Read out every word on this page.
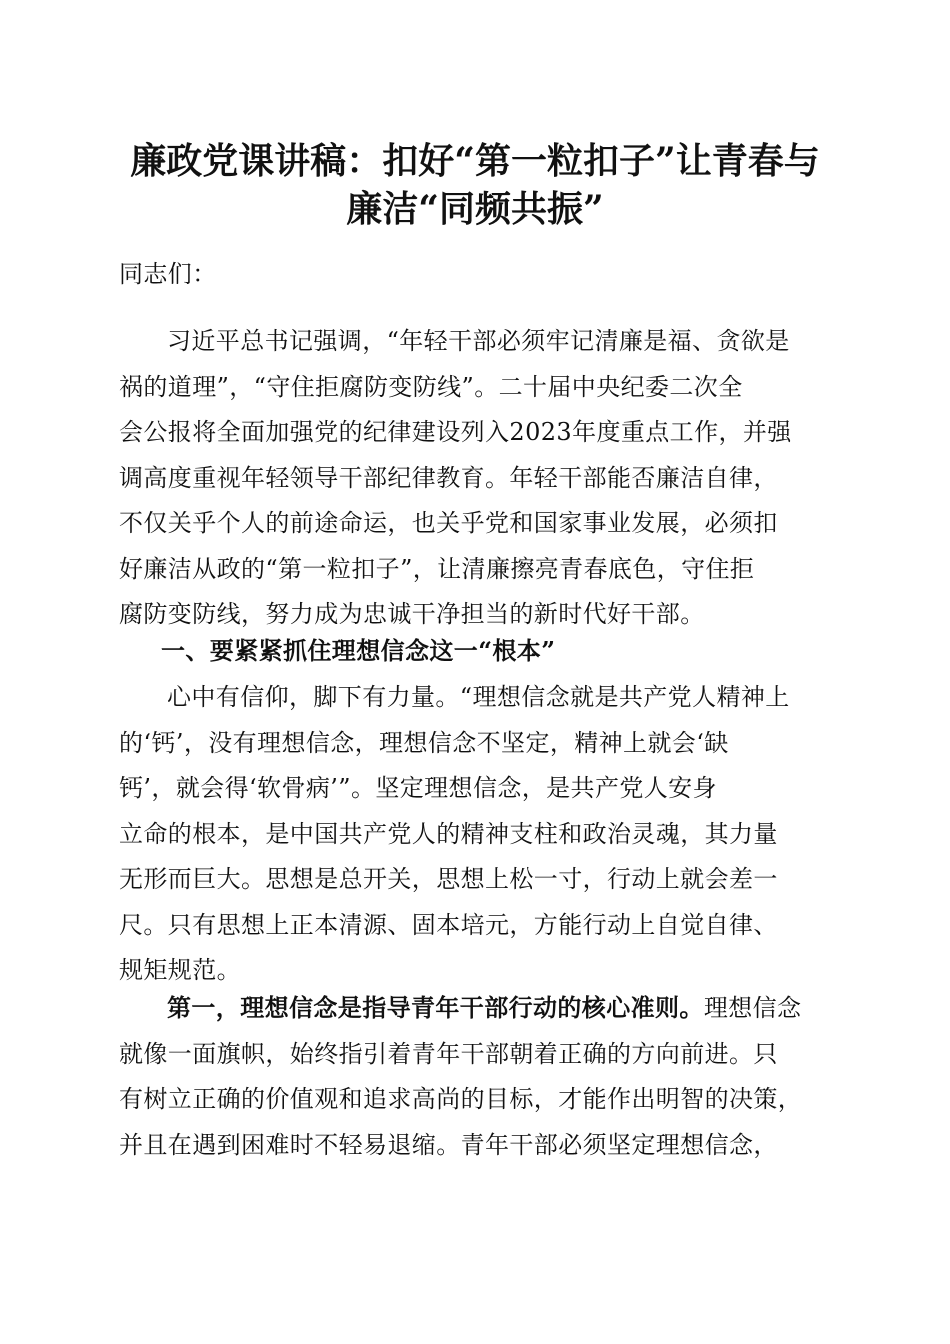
廉政党课讲稿：扣好“第一粒扣子”让青春与
廉洁“同频共振”
同志们：
习近平总书记强调，“年轻干部必须牢记清廉是福、贪欲是
祸的道理”，“守住拒腐防变防线”。二十届中央纪委二次全
会公报将全面加强党的纪律建设列入2023年度重点工作，并强
调高度重视年轻领导干部纪律教育。年轻干部能否廉洁自律，
不仅关乎个人的前途命运，也关乎党和国家事业发展，必须扣
好廉洁从政的“第一粒扣子”，让清廉擦亮青春底色，守住拒
腐防变防线，努力成为忠诚干净担当的新时代好干部。
一、要紧紧抓住理想信念这一“根本”
心中有信仰，脚下有力量。“理想信念就是共产党人精神上
的‘钙’，没有理想信念，理想信念不坚定，精神上就会‘缺
钙’，就会得‘软骨病’”。坚定理想信念，是共产党人安身
立命的根本，是中国共产党人的精神支柱和政治灵魂，其力量
无形而巨大。思想是总开关，思想上松一寸，行动上就会差一
尺。只有思想上正本清源、固本培元，方能行动上自觉自律、
规矩规范。
第一，理想信念是指导青年干部行动的核心准则。理想信念
就像一面旗帜，始终指引着青年干部朝着正确的方向前进。只
有树立正确的价值观和追求高尚的目标，才能作出明智的决策，
并且在遇到困难时不轻易退缩。青年干部必须坚定理想信念，
